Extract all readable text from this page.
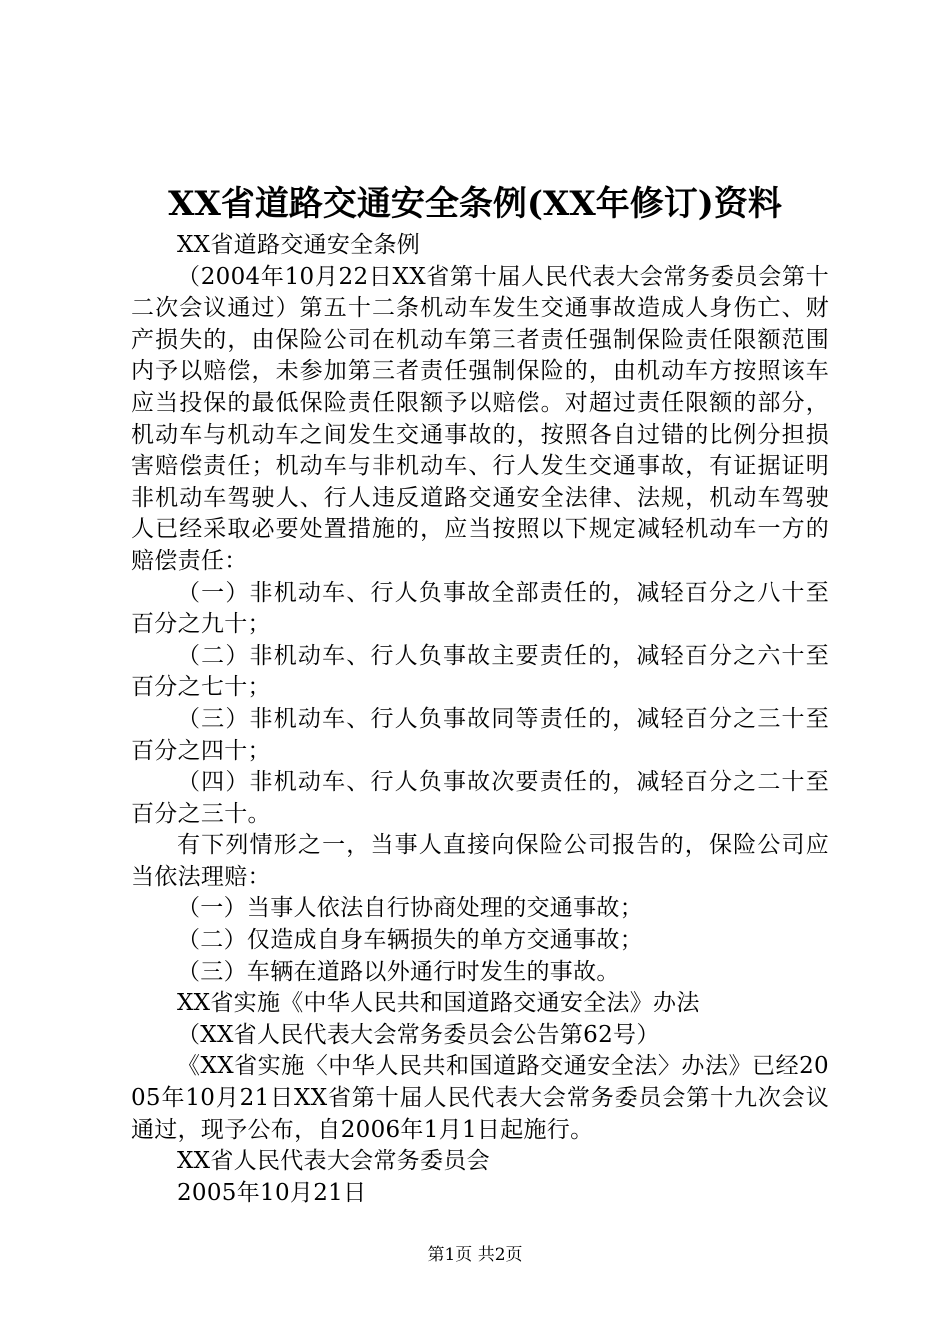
XX省道路交通安全条例(XX年修订)资料

XX省道路交通安全条例

（2004年10月22日XX省第十届人民代表大会常务委员会第十二次会议通过）第五十二条机动车发生交通事故造成人身伤亡、财产损失的，由保险公司在机动车第三者责任强制保险责任限额范围内予以赔偿，未参加第三者责任强制保险的，由机动车方按照该车应当投保的最低保险责任限额予以赔偿。对超过责任限额的部分，机动车与机动车之间发生交通事故的，按照各自过错的比例分担损害赔偿责任；机动车与非机动车、行人发生交通事故，有证据证明非机动车驾驶人、行人违反道路交通安全法律、法规，机动车驾驶人已经采取必要处置措施的，应当按照以下规定减轻机动车一方的赔偿责任：

（一）非机动车、行人负事故全部责任的，减轻百分之八十至百分之九十；

（二）非机动车、行人负事故主要责任的，减轻百分之六十至百分之七十；

（三）非机动车、行人负事故同等责任的，减轻百分之三十至百分之四十；

（四）非机动车、行人负事故次要责任的，减轻百分之二十至百分之三十。

有下列情形之一，当事人直接向保险公司报告的，保险公司应当依法理赔：

（一）当事人依法自行协商处理的交通事故；

（二）仅造成自身车辆损失的单方交通事故；

（三）车辆在道路以外通行时发生的事故。

XX省实施《中华人民共和国道路交通安全法》办法

（XX省人民代表大会常务委员会公告第62号）

《XX省实施〈中华人民共和国道路交通安全法〉办法》已经2005年10月21日XX省第十届人民代表大会常务委员会第十九次会议通过，现予公布，自2006年1月1日起施行。

XX省人民代表大会常务委员会

2005年10月21日

第1页 共2页
